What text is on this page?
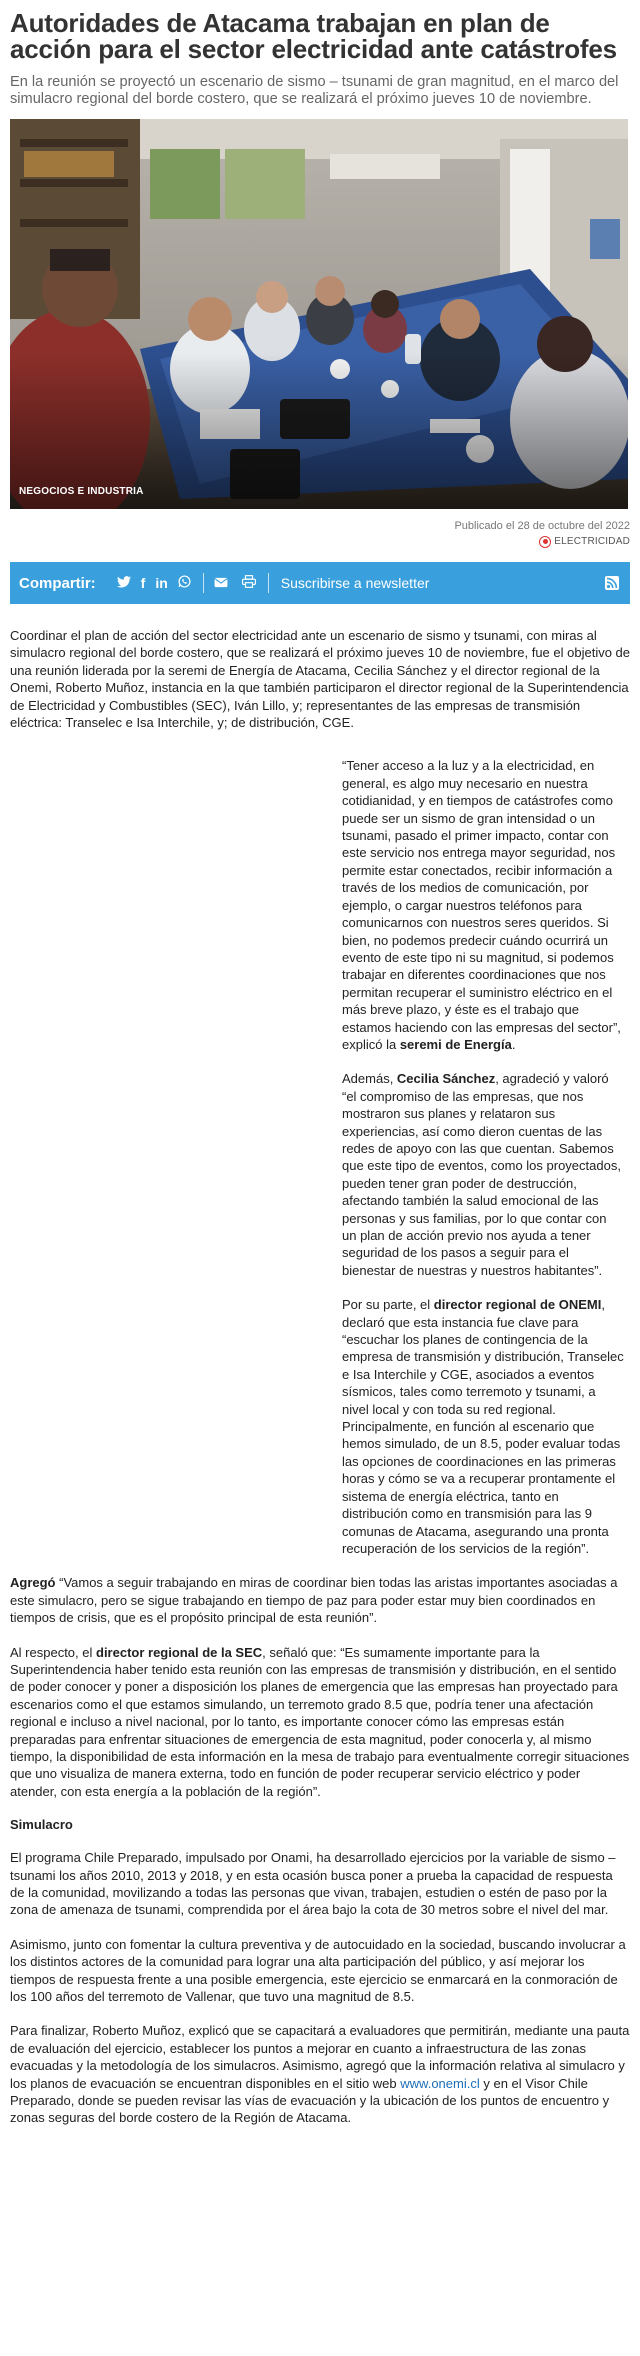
Autoridades de Atacama trabajan en plan de acción para el sector electricidad ante catástrofes

En la reunión se proyectó un escenario de sismo – tsunami de gran magnitud, en el marco del simulacro regional del borde costero, que se realizará el próximo jueves 10 de noviembre.

NEGOCIOS E INDUSTRIA
Publicado el 28 de octubre del 2022
ELECTRICIDAD
Compartir:	f in	Suscribirse a newsletter

Coordinar el plan de acción del sector electricidad ante un escenario de sismo y tsunami, con miras al simulacro regional del borde costero, que se realizará el próximo jueves 10 de noviembre, fue el objetivo de una reunión liderada por la seremi de Energía de Atacama, Cecilia Sánchez y el director regional de la Onemi, Roberto Muñoz, instancia en la que también participaron el director regional de la Superintendencia de Electricidad y Combustibles (SEC), Iván Lillo, y; representantes de las empresas de transmisión eléctrica: Transelec e Isa Interchile, y; de distribución, CGE.

“Tener acceso a la luz y a la electricidad, en general, es algo muy necesario en nuestra cotidianidad, y en tiempos de catástrofes como puede ser un sismo de gran intensidad o un tsunami, pasado el primer impacto, contar con este servicio nos entrega mayor seguridad, nos permite estar conectados, recibir información a través de los medios de comunicación, por ejemplo, o cargar nuestros teléfonos para comunicarnos con nuestros seres queridos. Si bien, no podemos predecir cuándo ocurrirá un evento de este tipo ni su magnitud, si podemos trabajar en diferentes coordinaciones que nos permitan recuperar el suministro eléctrico en el más breve plazo, y éste es el trabajo que estamos haciendo con las empresas del sector”, explicó la seremi de Energía.

Además, Cecilia Sánchez, agradeció y valoró “el compromiso de las empresas, que nos mostraron sus planes y relataron sus experiencias, así como dieron cuentas de las redes de apoyo con las que cuentan. Sabemos que este tipo de eventos, como los proyectados, pueden tener gran poder de destrucción, afectando también la salud emocional de las personas y sus familias, por lo que contar con un plan de acción previo nos ayuda a tener seguridad de los pasos a seguir para el bienestar de nuestras y nuestros habitantes”.

Por su parte, el director regional de ONEMI, declaró que esta instancia fue clave para “escuchar los planes de contingencia de la empresa de transmisión y distribución, Transelec e Isa Interchile y CGE, asociados a eventos sísmicos, tales como terremoto y tsunami, a nivel local y con toda su red regional. Principalmente, en función al escenario que hemos simulado, de un 8.5, poder evaluar todas las opciones de coordinaciones en las primeras horas y cómo se va a recuperar prontamente el sistema de energía eléctrica, tanto en distribución como en transmisión para las 9 comunas de Atacama, asegurando una pronta recuperación de los servicios de la región”.

Agregó “Vamos a seguir trabajando en miras de coordinar bien todas las aristas importantes asociadas a este simulacro, pero se sigue trabajando en tiempo de paz para poder estar muy bien coordinados en tiempos de crisis, que es el propósito principal de esta reunión”.

Al respecto, el director regional de la SEC, señaló que: “Es sumamente importante para la Superintendencia haber tenido esta reunión con las empresas de transmisión y distribución, en el sentido de poder conocer y poner a disposición los planes de emergencia que las empresas han proyectado para escenarios como el que estamos simulando, un terremoto grado 8.5 que, podría tener una afectación regional e incluso a nivel nacional, por lo tanto, es importante conocer cómo las empresas están preparadas para enfrentar situaciones de emergencia de esta magnitud, poder conocerla y, al mismo tiempo, la disponibilidad de esta información en la mesa de trabajo para eventualmente corregir situaciones que uno visualiza de manera externa, todo en función de poder recuperar servicio eléctrico y poder atender, con esta energía a la población de la región”.

Simulacro

El programa Chile Preparado, impulsado por Onami, ha desarrollado ejercicios por la variable de sismo – tsunami los años 2010, 2013 y 2018, y en esta ocasión busca poner a prueba la capacidad de respuesta de la comunidad, movilizando a todas las personas que vivan, trabajen, estudien o estén de paso por la zona de amenaza de tsunami, comprendida por el área bajo la cota de 30 metros sobre el nivel del mar.

Asimismo, junto con fomentar la cultura preventiva y de autocuidado en la sociedad, buscando involucrar a los distintos actores de la comunidad para lograr una alta participación del público, y así mejorar los tiempos de respuesta frente a una posible emergencia, este ejercicio se enmarcará en la conmoración de los 100 años del terremoto de Vallenar, que tuvo una magnitud de 8.5.

Para finalizar, Roberto Muñoz, explicó que se capacitará a evaluadores que permitirán, mediante una pauta de evaluación del ejercicio, establecer los puntos a mejorar en cuanto a infraestructura de las zonas evacuadas y la metodología de los simulacros. Asimismo, agregó que la información relativa al simulacro y los planos de evacuación se encuentran disponibles en el sitio web www.onemi.cl y en el Visor Chile Preparado, donde se pueden revisar las vías de evacuación y la ubicación de los puntos de encuentro y zonas seguras del borde costero de la Región de Atacama.
